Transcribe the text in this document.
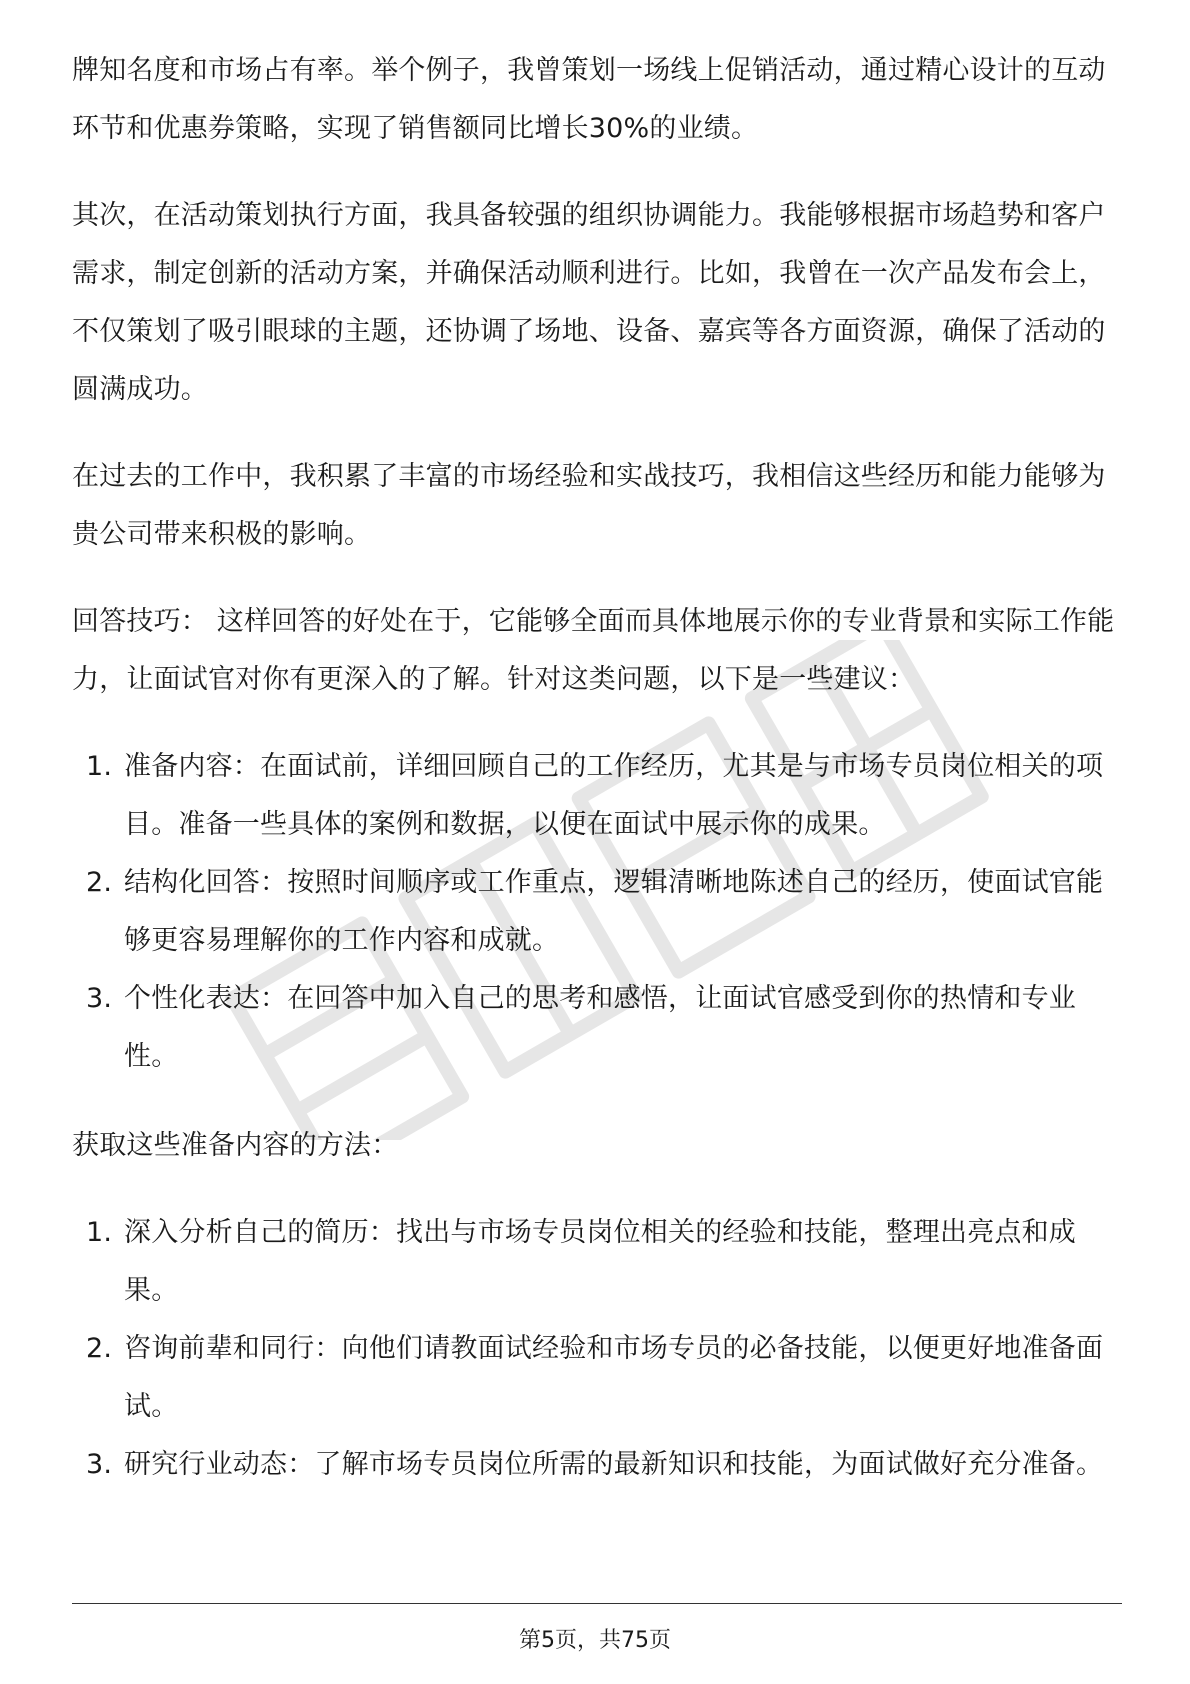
牌知名度和市场占有率。举个例子，我曾策划一场线上促销活动，通过精心设计的互动环节和优惠券策略，实现了销售额同比增长30%的业绩。

其次，在活动策划执行方面，我具备较强的组织协调能力。我能够根据市场趋势和客户需求，制定创新的活动方案，并确保活动顺利进行。比如，我曾在一次产品发布会上，不仅策划了吸引眼球的主题，还协调了场地、设备、嘉宾等各方面资源，确保了活动的圆满成功。

在过去的工作中，我积累了丰富的市场经验和实战技巧，我相信这些经历和能力能够为贵公司带来积极的影响。

回答技巧： 这样回答的好处在于，它能够全面而具体地展示你的专业背景和实际工作能力，让面试官对你有更深入的了解。针对这类问题，以下是一些建议：

1. 准备内容：在面试前，详细回顾自己的工作经历，尤其是与市场专员岗位相关的项目。准备一些具体的案例和数据，以便在面试中展示你的成果。
2. 结构化回答：按照时间顺序或工作重点，逻辑清晰地陈述自己的经历，使面试官能够更容易理解你的工作内容和成就。
3. 个性化表达：在回答中加入自己的思考和感悟，让面试官感受到你的热情和专业性。

获取这些准备内容的方法：

1. 深入分析自己的简历：找出与市场专员岗位相关的经验和技能，整理出亮点和成果。
2. 咨询前辈和同行：向他们请教面试经验和市场专员的必备技能，以便更好地准备面试。
3. 研究行业动态：了解市场专员岗位所需的最新知识和技能，为面试做好充分准备。
第5页，共75页
